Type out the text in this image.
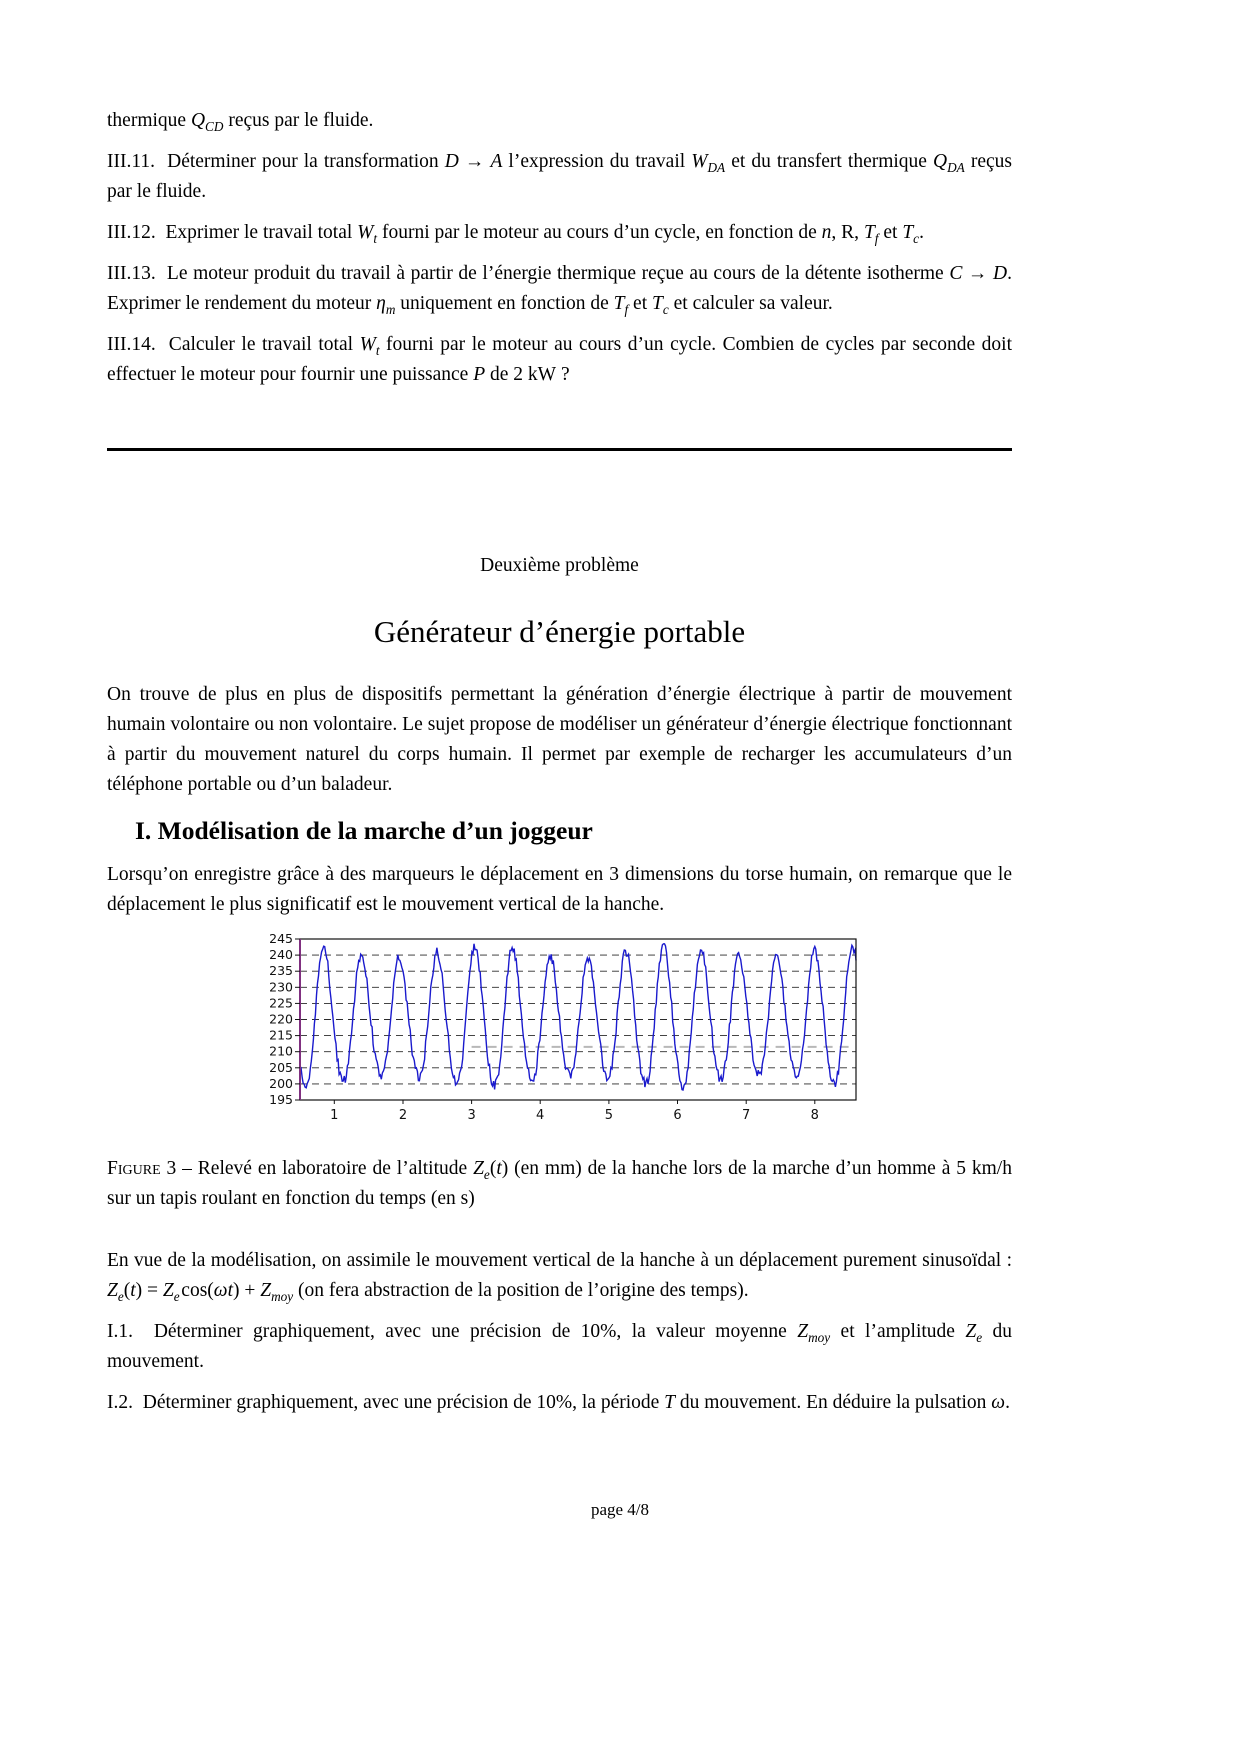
thermique $Q_{CD}$ reçus par le fluide.

III.11.  Déterminer pour la transformation D → A l’expression du travail $W_{DA}$ et du transfert thermique $Q_{DA}$ reçus par le fluide.

III.12.  Exprimer le travail total $W_t$ fourni par le moteur au cours d’un cycle, en fonction de n, R, $T_f$ et $T_c$.

III.13.  Le moteur produit du travail à partir de l’énergie thermique reçue au cours de la détente isotherme C → D. Exprimer le rendement du moteur $\eta_m$ uniquement en fonction de $T_f$ et $T_c$ et calculer sa valeur.

III.14.  Calculer le travail total $W_t$ fourni par le moteur au cours d’un cycle. Combien de cycles par seconde doit effectuer le moteur pour fournir une puissance P de 2 kW ?

Deuxième problème
Générateur d’énergie portable

On trouve de plus en plus de dispositifs permettant la génération d’énergie électrique à partir de mouvement humain volontaire ou non volontaire. Le sujet propose de modéliser un générateur d’énergie électrique fonctionnant à partir du mouvement naturel du corps humain. Il permet par exemple de recharger les accumulateurs d’un téléphone portable ou d’un baladeur.

I. Modélisation de la marche d’un joggeur

Lorsqu’on enregistre grâce à des marqueurs le déplacement en 3 dimensions du torse humain, on remarque que le déplacement le plus significatif est le mouvement vertical de la hanche.

195
200
205
210
215
220
225
230
235
240
245
1	2	3	4	5	6	7	8
Figure 3 – Relevé en laboratoire de l’altitude $Z_e(t)$ (en mm) de la hanche lors de la marche d’un homme à 5 km/h sur un tapis roulant en fonction du temps (en s)

En vue de la modélisation, on assimile le mouvement vertical de la hanche à un déplacement purement sinusoïdal : $Z_e(t) = Z_e$ $\cos(\omega t) + Z_{moy}$ (on fera abstraction de la position de l’origine des temps).

I.1.  Déterminer graphiquement, avec une précision de 10%, la valeur moyenne $Z_{moy}$ et l’amplitude $Z_e$ du mouvement.

I.2.  Déterminer graphiquement, avec une précision de 10%, la période T du mouvement. En déduire la pulsation ω.

page 4/8
